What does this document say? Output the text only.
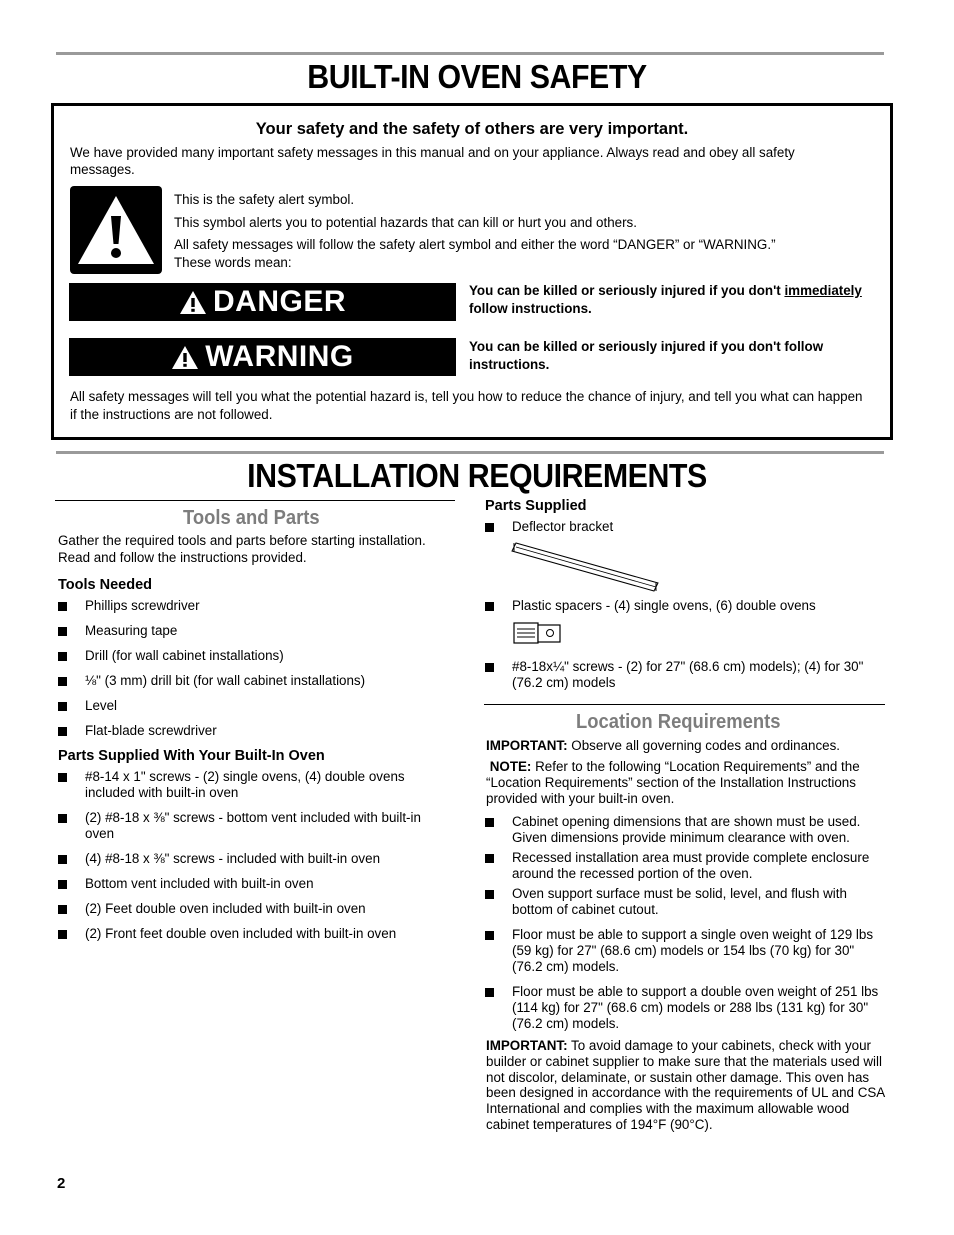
BUILT-IN OVEN SAFETY
Your safety and the safety of others are very important.
We have provided many important safety messages in this manual and on your appliance. Always read and obey all safety messages.
This is the safety alert symbol.
This symbol alerts you to potential hazards that can kill or hurt you and others.
All safety messages will follow the safety alert symbol and either the word “DANGER” or “WARNING.”
These words mean:
DANGER	You can be killed or seriously injured if you don't immediately follow instructions.
WARNING	You can be killed or seriously injured if you don't follow instructions.
All safety messages will tell you what the potential hazard is, tell you how to reduce the chance of injury, and tell you what can happen if the instructions are not followed.
INSTALLATION REQUIREMENTS
Tools and Parts
Gather the required tools and parts before starting installation. Read and follow the instructions provided.
Tools Needed
Phillips screwdriver
Measuring tape
Drill (for wall cabinet installations)
⅛" (3 mm) drill bit (for wall cabinet installations)
Level
Flat-blade screwdriver
Parts Supplied With Your Built-In Oven
#8-14 x 1" screws - (2) single ovens, (4) double ovens included with built-in oven
(2) #8-18 x ⅜" screws - bottom vent included with built-in oven
(4) #8-18 x ⅜" screws - included with built-in oven
Bottom vent included with built-in oven
(2) Feet double oven included with built-in oven
(2) Front feet double oven included with built-in oven
Parts Supplied
Deflector bracket
Plastic spacers - (4) single ovens, (6) double ovens
#8-18x¼" screws - (2) for 27" (68.6 cm) models); (4) for 30" (76.2 cm) models
Location Requirements
IMPORTANT: Observe all governing codes and ordinances.
NOTE: Refer to the following “Location Requirements” and the “Location Requirements” section of the Installation Instructions provided with your built-in oven.
Cabinet opening dimensions that are shown must be used. Given dimensions provide minimum clearance with oven.
Recessed installation area must provide complete enclosure around the recessed portion of the oven.
Oven support surface must be solid, level, and flush with bottom of cabinet cutout.
Floor must be able to support a single oven weight of 129 lbs (59 kg) for 27" (68.6 cm) models or 154 lbs (70 kg) for 30" (76.2 cm) models.
Floor must be able to support a double oven weight of 251 lbs (114 kg) for 27" (68.6 cm) models or 288 lbs (131 kg) for 30" (76.2 cm) models.
IMPORTANT: To avoid damage to your cabinets, check with your builder or cabinet supplier to make sure that the materials used will not discolor, delaminate, or sustain other damage. This oven has been designed in accordance with the requirements of UL and CSA International and complies with the maximum allowable wood cabinet temperatures of 194°F (90°C).
2
